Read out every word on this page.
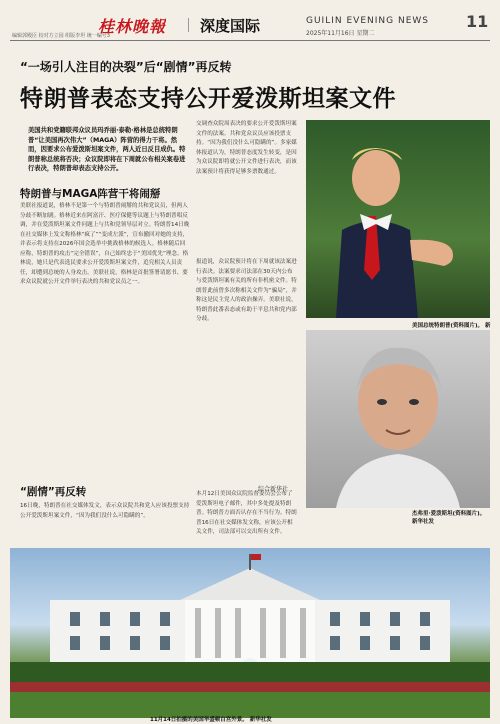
编辑郭殿臣 校对方立园 组版李坦 统一编号3
桂林晚報 深度国际	GUILIN EVENING NEWS
2025年11月16日 星期二
11
“一场引人注目的决裂”后“剧情”再反转
特朗普表态支持公开爱泼斯坦案文件
美国共和党籍联邦众议员玛乔丽·泰勒·格林是总统特朗普“让美国再次伟大”（MAGA）阵营的得力干将。然而，因要求公布爱泼斯坦案文件，两人近日反目成仇。特朗普称总统将否决；众议院即将在下周就公布相关案卷进行表决，特朗普却表态支持公开。
特朗普与MAGA阵营干将闹掰
美联社报道说，格林不是第一个与特朗普闹掰的共和党议员，但两人分歧不断加剧。格林近来在阿富汗、医疗保健等议题上与特朗普唱反调，并在爱泼斯坦案文件问题上与共和党领导层对立。特朗普14日晚在社交媒体上发文称格林“疯了”“变成左派”，宣布撤回对她的支持，并表示将支持在2026年国会选举中挑战格林的候选人。格林随后回应称，特朗普的攻击“完全错误”，自己始终忠于“美国优先”理念。格林说，她只是代表选民要求公开爱泼斯坦案文件，追究相关人员责任，却遭到总统的人身攻击。美联社说，格林是首批签署请愿书、要求众议院就公开文件举行表决的共和党议员之一。
“剧情”再反转
16日晚，特朗普在社交媒体发文，表示众议院共和党人应该投票支持公开爱泼斯坦案文件，“因为我们没什么可隐瞒的”。
交调查众院周表决的要求公开爱泼斯坦案文件的法案。共和党众议员应该投票支持。“因为我们没什么可隐瞒的”。多家媒体报道认为，特朗普态度发生转变，是因为众议院即将就公开文件进行表决，而该法案预计将获得足够多票数通过。
报道说，众议院预计将在下周就该法案进行表决。法案要求司法部在30天内公布与爱泼斯坦案有关的所有非机密文件。特朗普此前曾多次称相关文件为“骗局”，并称这是民主党人的政治操弄。美联社说，特朗普此番表态或有助于平息共和党内部分歧。
本月12日美国众议院监督委员会公布了爱泼斯坦电子邮件，其中多处提及特朗普。特朗普方面否认存在不当行为。特朗普16日在社交媒体发文称，应该公开相关文件，司法部可以交出所有文件。
综合新华社
美国总统特朗普(资料图片)。 新
杰弗里·爱泼斯坦(资料图片)。 新华社发
11月14日拍摄的美国华盛顿白宫外景。 新华社发
